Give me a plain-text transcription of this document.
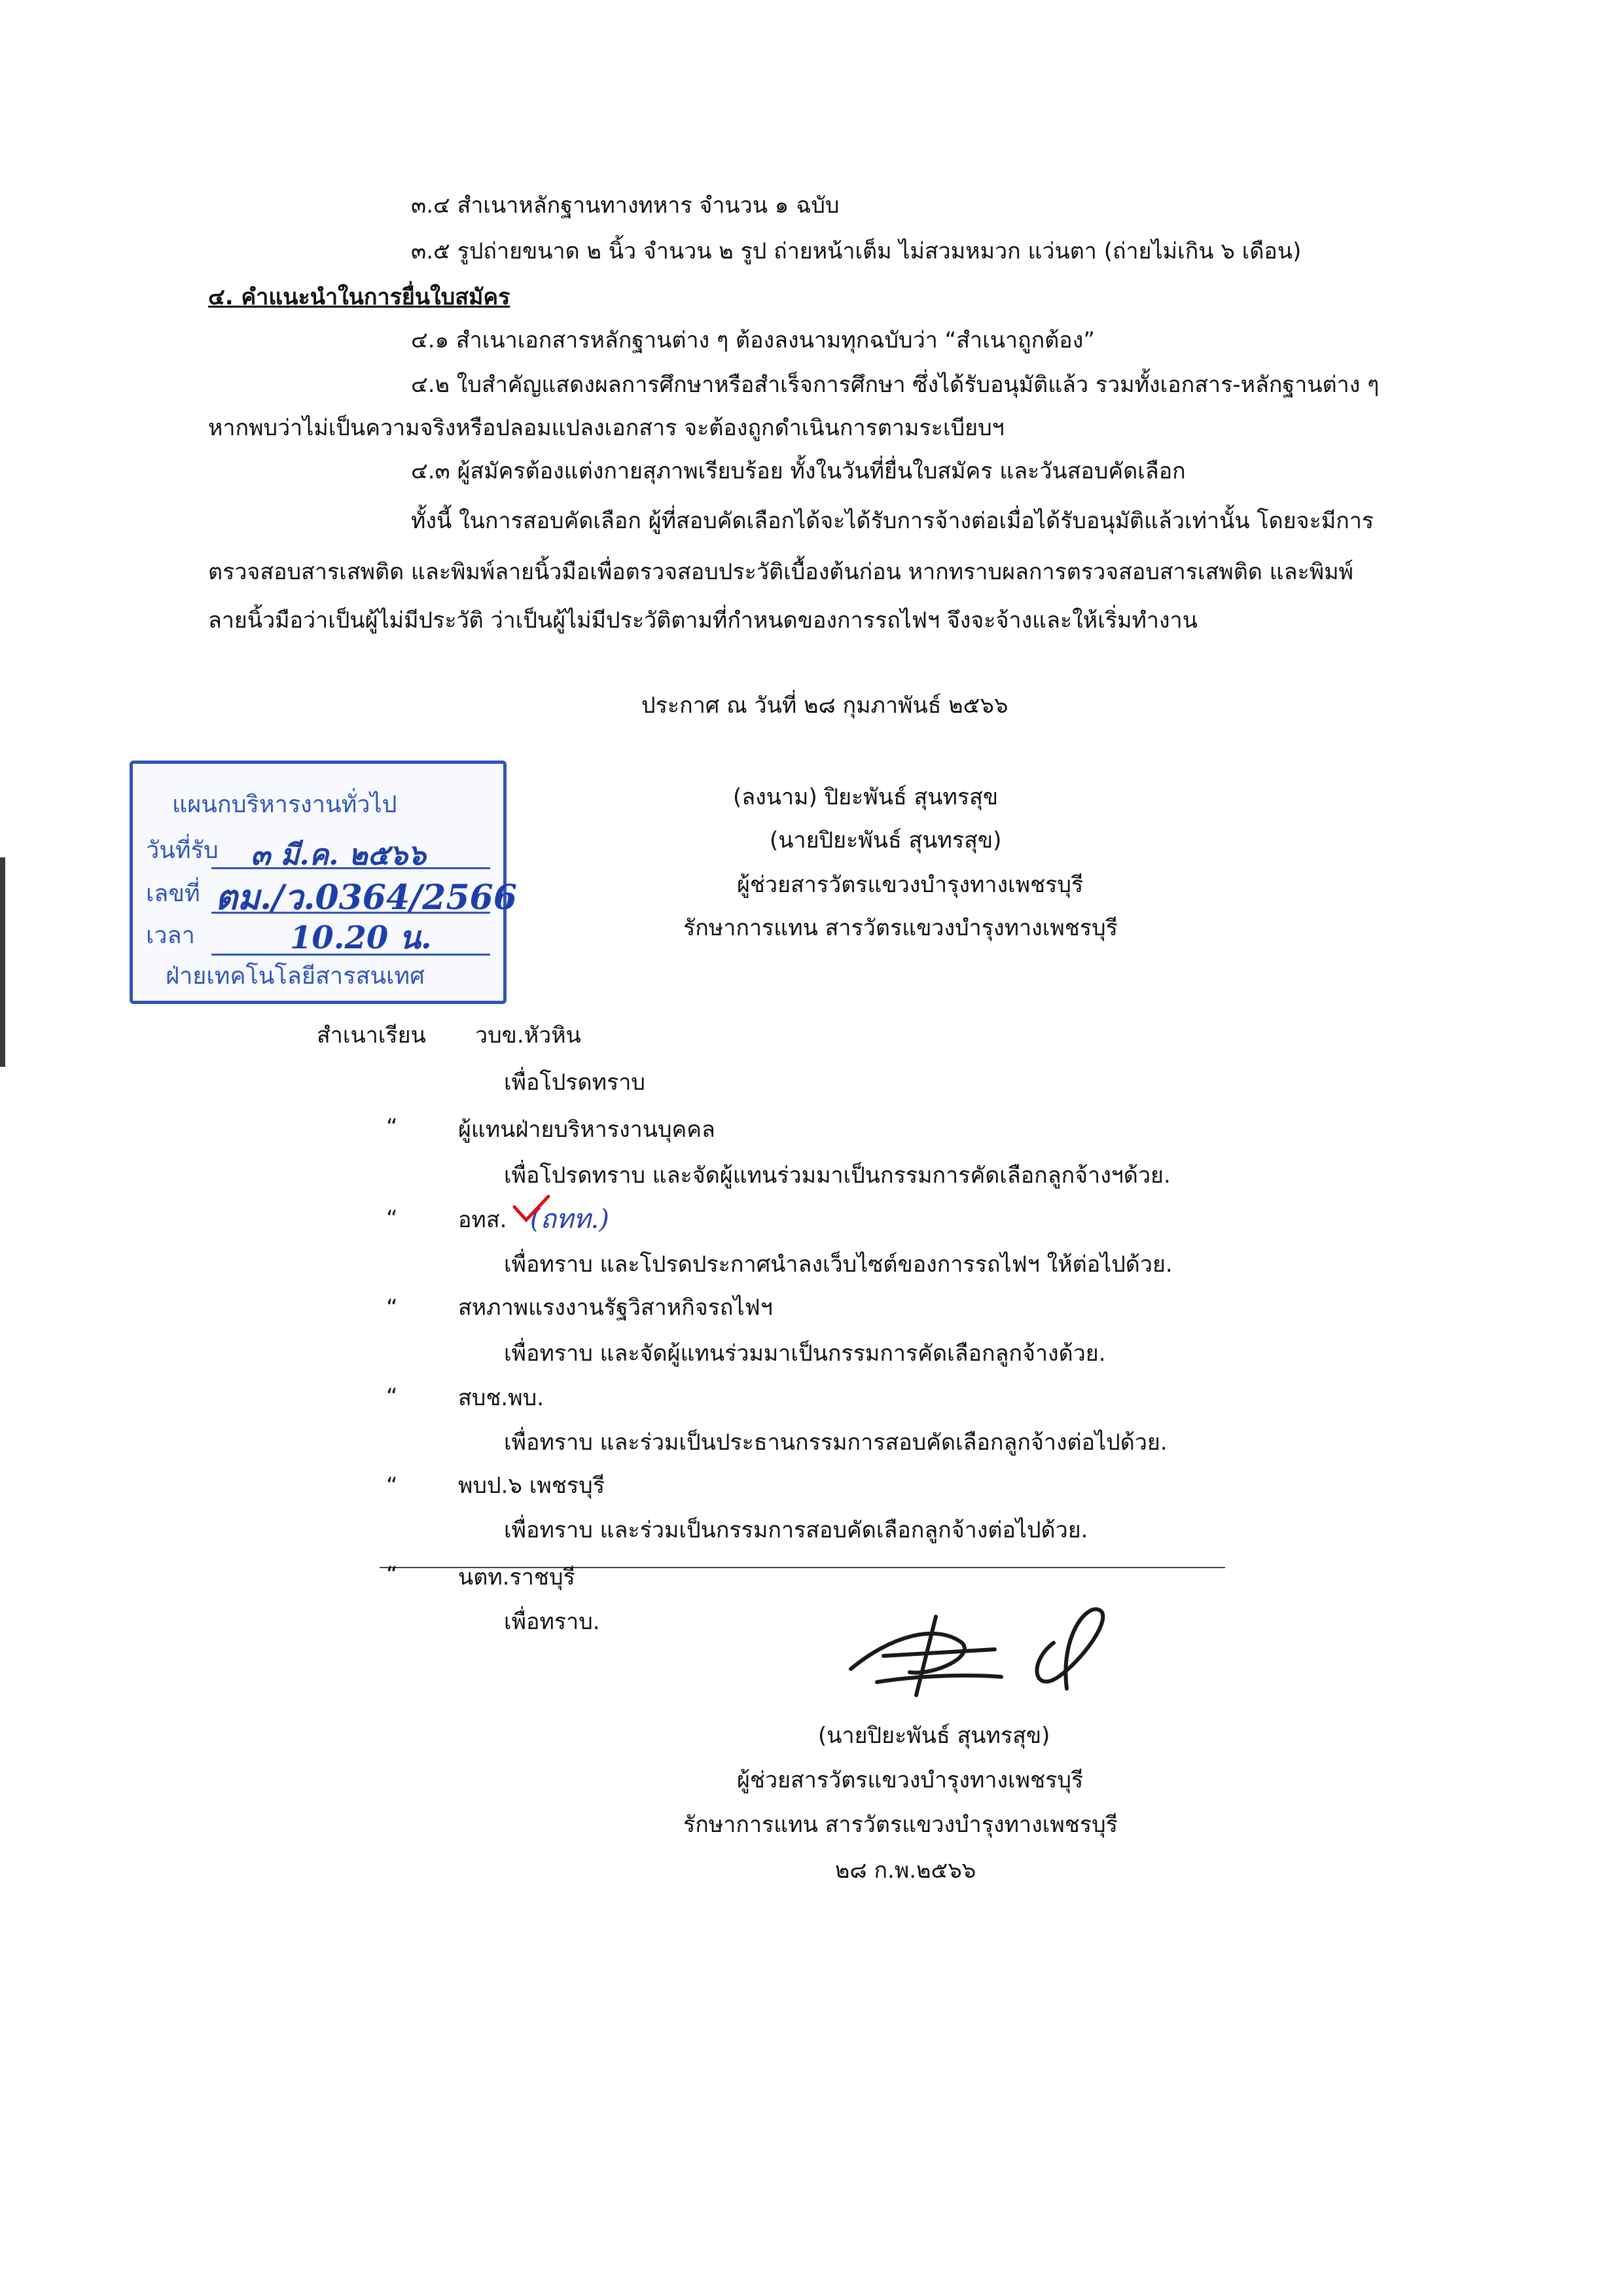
๓.๔ สำเนาหลักฐานทางทหาร จำนวน ๑ ฉบับ
๓.๕ รูปถ่ายขนาด ๒ นิ้ว จำนวน ๒ รูป ถ่ายหน้าเต็ม ไม่สวมหมวก แว่นตา (ถ่ายไม่เกิน ๖ เดือน)
๔. คำแนะนำในการยื่นใบสมัคร
๔.๑ สำเนาเอกสารหลักฐานต่าง ๆ ต้องลงนามทุกฉบับว่า “สำเนาถูกต้อง”
๔.๒ ใบสำคัญแสดงผลการศึกษาหรือสำเร็จการศึกษา ซึ่งได้รับอนุมัติแล้ว รวมทั้งเอกสาร-หลักฐานต่าง ๆ
หากพบว่าไม่เป็นความจริงหรือปลอมแปลงเอกสาร จะต้องถูกดำเนินการตามระเบียบฯ
๔.๓ ผู้สมัครต้องแต่งกายสุภาพเรียบร้อย ทั้งในวันที่ยื่นใบสมัคร และวันสอบคัดเลือก
ทั้งนี้ ในการสอบคัดเลือก ผู้ที่สอบคัดเลือกได้จะได้รับการจ้างต่อเมื่อได้รับอนุมัติแล้วเท่านั้น โดยจะมีการ
ตรวจสอบสารเสพติด และพิมพ์ลายนิ้วมือเพื่อตรวจสอบประวัติเบื้องต้นก่อน หากทราบผลการตรวจสอบสารเสพติด และพิมพ์
ลายนิ้วมือว่าเป็นผู้ไม่มีประวัติ ว่าเป็นผู้ไม่มีประวัติตามที่กำหนดของการรถไฟฯ จึงจะจ้างและให้เริ่มทำงาน
ประกาศ ณ วันที่ ๒๘ กุมภาพันธ์ ๒๕๖๖
(ลงนาม) ปิยะพันธ์ สุนทรสุข
(นายปิยะพันธ์ สุนทรสุข)
ผู้ช่วยสารวัตรแขวงบำรุงทางเพชรบุรี
รักษาการแทน สารวัตรแขวงบำรุงทางเพชรบุรี
แผนกบริหารงานทั่วไป
วันที่รับ ๓ มี.ค. ๒๕๖๖
เลขที่ ตม./ว.0364/2566
เวลา	10.20 น.
ฝ่ายเทคโนโลยีสารสนเทศ
สำเนาเรียน วบข.หัวหิน
เพื่อโปรดทราบ
“	ผู้แทนฝ่ายบริหารงานบุคคล
เพื่อโปรดทราบ และจัดผู้แทนร่วมมาเป็นกรรมการคัดเลือกลูกจ้างฯด้วย.
“	อทส. (ถทท.)
เพื่อทราบ และโปรดประกาศนำลงเว็บไซต์ของการรถไฟฯ ให้ต่อไปด้วย.
“	สหภาพแรงงานรัฐวิสาหกิจรถไฟฯ
เพื่อทราบ และจัดผู้แทนร่วมมาเป็นกรรมการคัดเลือกลูกจ้างด้วย.
“	สบช.พบ.
เพื่อทราบ และร่วมเป็นประธานกรรมการสอบคัดเลือกลูกจ้างต่อไปด้วย.
“	พบป.๖ เพชรบุรี
เพื่อทราบ และร่วมเป็นกรรมการสอบคัดเลือกลูกจ้างต่อไปด้วย.
“	นตท.ราชบุรี
เพื่อทราบ.
(นายปิยะพันธ์ สุนทรสุข)
ผู้ช่วยสารวัตรแขวงบำรุงทางเพชรบุรี
รักษาการแทน สารวัตรแขวงบำรุงทางเพชรบุรี
๒๘ ก.พ.๒๕๖๖
